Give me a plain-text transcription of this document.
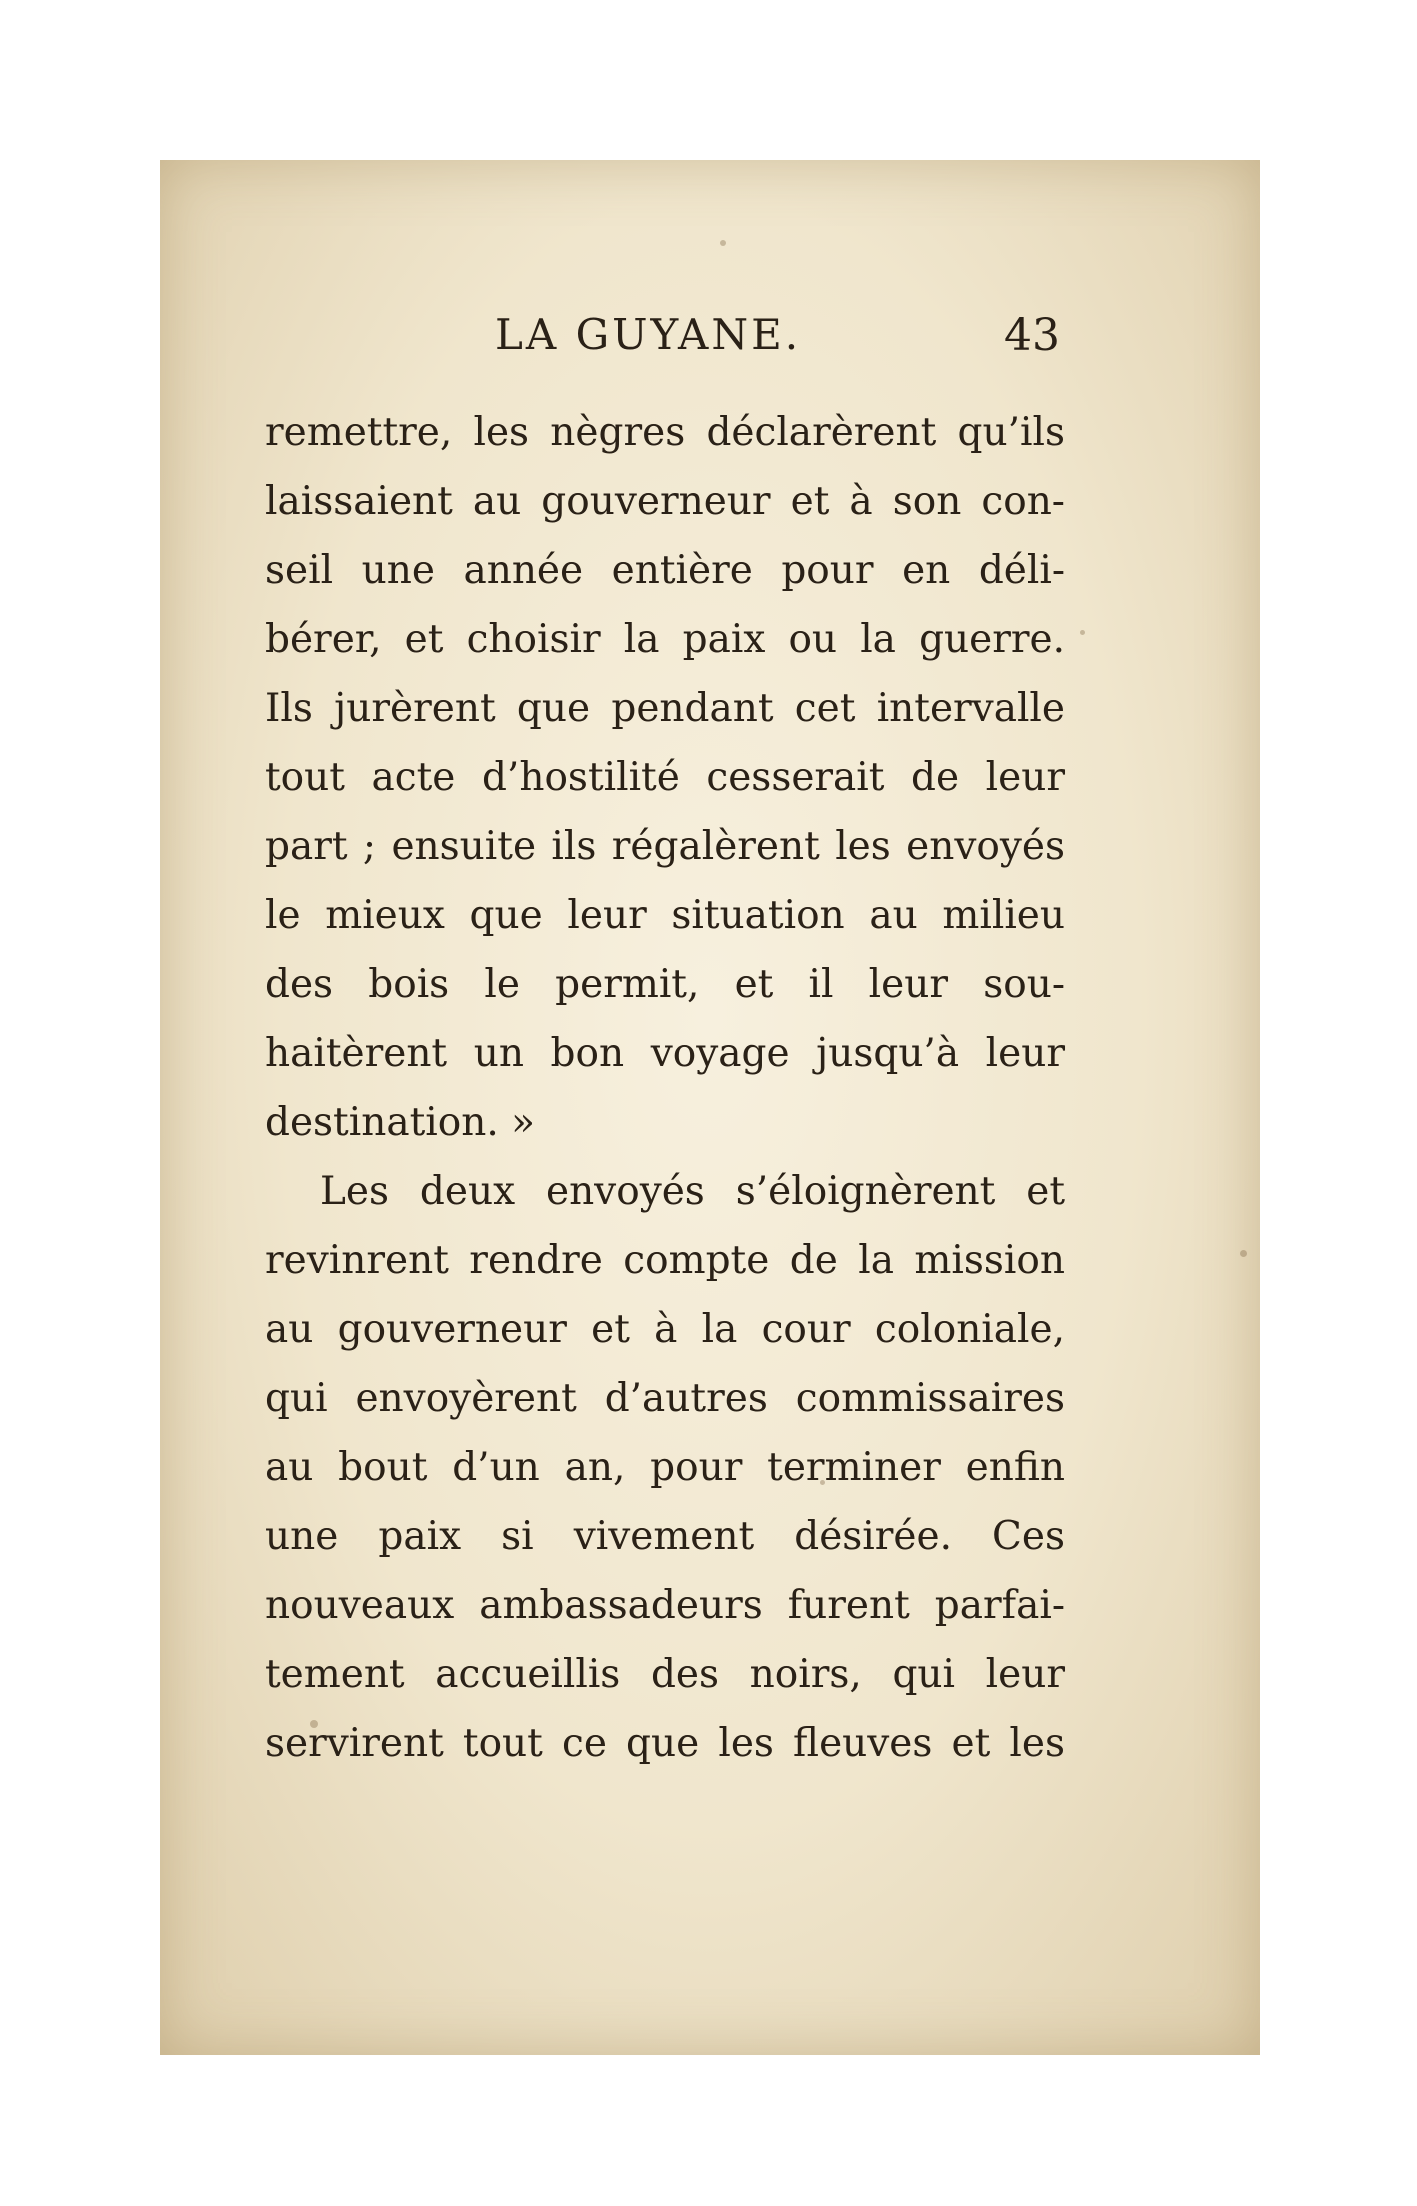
LA GUYANE.	43
remettre, les nègres déclarèrent qu’ils
laissaient au gouverneur et à son con-
seil une année entière pour en déli-
bérer, et choisir la paix ou la guerre.
Ils jurèrent que pendant cet intervalle
tout acte d’hostilité cesserait de leur
part ; ensuite ils régalèrent les envoyés
le mieux que leur situation au milieu
des bois le permit, et il leur sou-
haitèrent un bon voyage jusqu’à leur
destination. »
Les deux envoyés s’éloignèrent et
revinrent rendre compte de la mission
au gouverneur et à la cour coloniale,
qui envoyèrent d’autres commissaires
au bout d’un an, pour terminer enfin
une paix si vivement désirée. Ces
nouveaux ambassadeurs furent parfai-
tement accueillis des noirs, qui leur
servirent tout ce que les fleuves et les
